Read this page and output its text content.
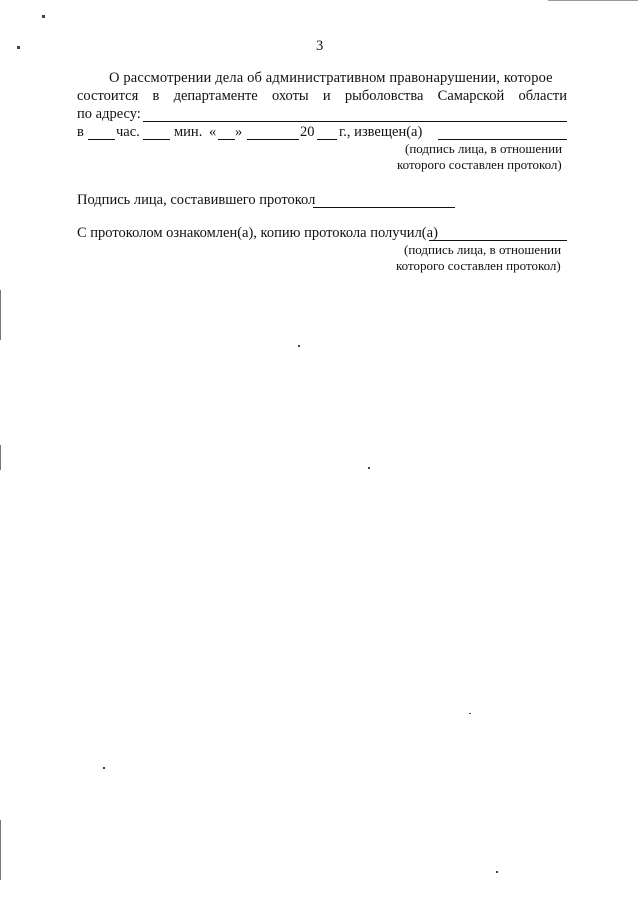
3
О рассмотрении дела об административном правонарушении, которое
состоится в департаменте охоты и рыболовства Самарской области
по адресу:
в час. мин. « »	20 г., извещен(а)
(подпись лица, в отношении
которого составлен протокол)
Подпись лица, составившего протокол
С протоколом ознакомлен(а), копию протокола получил(а)
(подпись лица, в отношении
которого составлен протокол)
